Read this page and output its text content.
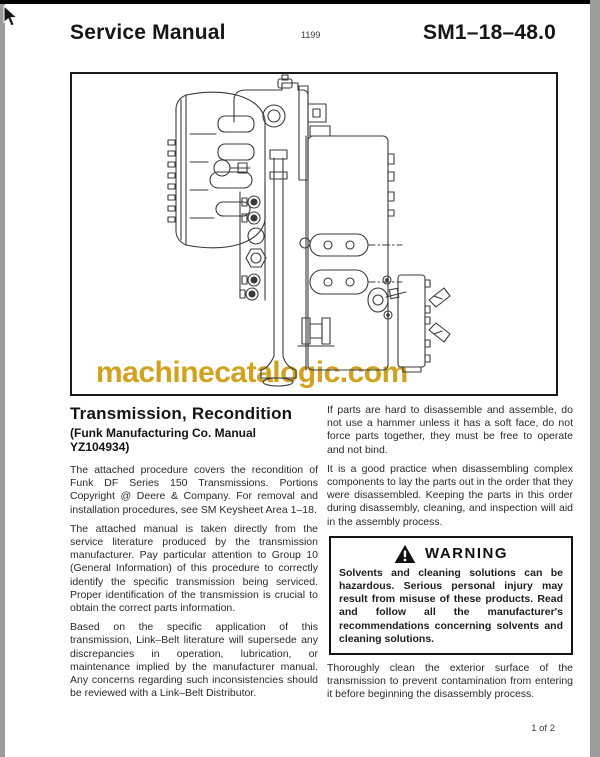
Service Manual	1199	SM1–18–48.0
machinecatalogic.com
Transmission, Recondition
(Funk Manufacturing Co. Manual YZ104934)

The attached procedure covers the recondition of Funk DF Series 150 Transmissions. Portions Copyright @ Deere & Company. For removal and installation procedures, see SM Keysheet Area 1–18.

The attached manual is taken directly from the service literature produced by the transmission manufacturer. Pay particular attention to Group 10 (General Information) of this procedure to correctly identify the specific transmission being serviced. Proper identification of the transmission is crucial to obtain the correct parts information.

Based on the specific application of this transmission, Link–Belt literature will supersede any discrepancies in operation, lubrication, or maintenance implied by the manufacturer manual. Any concerns regarding such inconsistencies should be reviewed with a Link–Belt Distributor.

If parts are hard to disassemble and assemble, do not use a hammer unless it has a soft face, do not force parts together, they must be free to operate and not bind.

It is a good practice when disassembling complex components to lay the parts out in the order that they were disassembled. Keeping the parts in this order during disassembly, cleaning, and inspection will aid in the assembly process.

WARNING

Solvents and cleaning solutions can be hazardous. Serious personal injury may result from misuse of these products. Read and follow all the manufacturer's recommendations concerning solvents and cleaning solutions.

Thoroughly clean the exterior surface of the transmission to prevent contamination from entering it before beginning the disassembly process.

1 of 2
